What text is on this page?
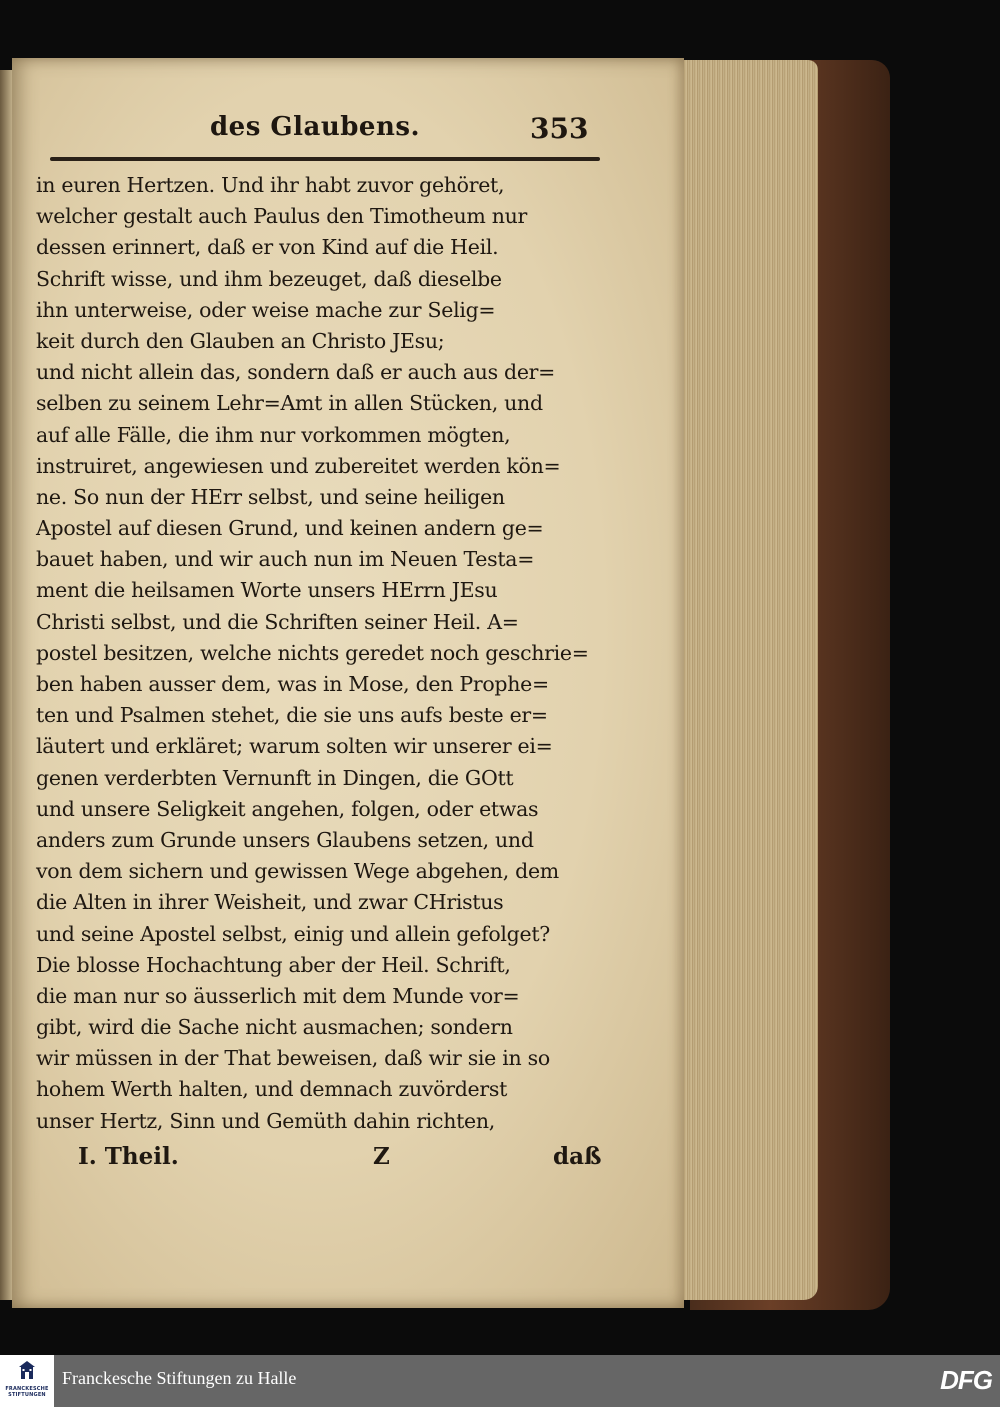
des Glaubens.	353
in euren Hertzen. Und ihr habt zuvor gehöret,
welcher gestalt auch Paulus den Timotheum nur
dessen erinnert, daß er von Kind auf die Heil.
Schrift wisse, und ihm bezeuget, daß dieselbe
ihn unterweise, oder weise mache zur Selig=
keit durch den Glauben an Christo JEsu;
und nicht allein das, sondern daß er auch aus der=
selben zu seinem Lehr=Amt in allen Stücken, und
auf alle Fälle, die ihm nur vorkommen mögten,
instruiret, angewiesen und zubereitet werden kön=
ne. So nun der HErr selbst, und seine heiligen
Apostel auf diesen Grund, und keinen andern ge=
bauet haben, und wir auch nun im Neuen Testa=
ment die heilsamen Worte unsers HErrn JEsu
Christi selbst, und die Schriften seiner Heil. A=
postel besitzen, welche nichts geredet noch geschrie=
ben haben ausser dem, was in Mose, den Prophe=
ten und Psalmen stehet, die sie uns aufs beste er=
läutert und erkläret; warum solten wir unserer ei=
genen verderbten Vernunft in Dingen, die GOtt
und unsere Seligkeit angehen, folgen, oder etwas
anders zum Grunde unsers Glaubens setzen, und
von dem sichern und gewissen Wege abgehen, dem
die Alten in ihrer Weisheit, und zwar CHristus
und seine Apostel selbst, einig und allein gefolget?
Die blosse Hochachtung aber der Heil. Schrift,
die man nur so äusserlich mit dem Munde vor=
gibt, wird die Sache nicht ausmachen; sondern
wir müssen in der That beweisen, daß wir sie in so
hohem Werth halten, und demnach zuvörderst
unser Hertz, Sinn und Gemüth dahin richten,
I. Theil.	Z	daß
FRANCKESCHE STIFTUNGEN
Franckesche Stiftungen zu Halle	DFG
